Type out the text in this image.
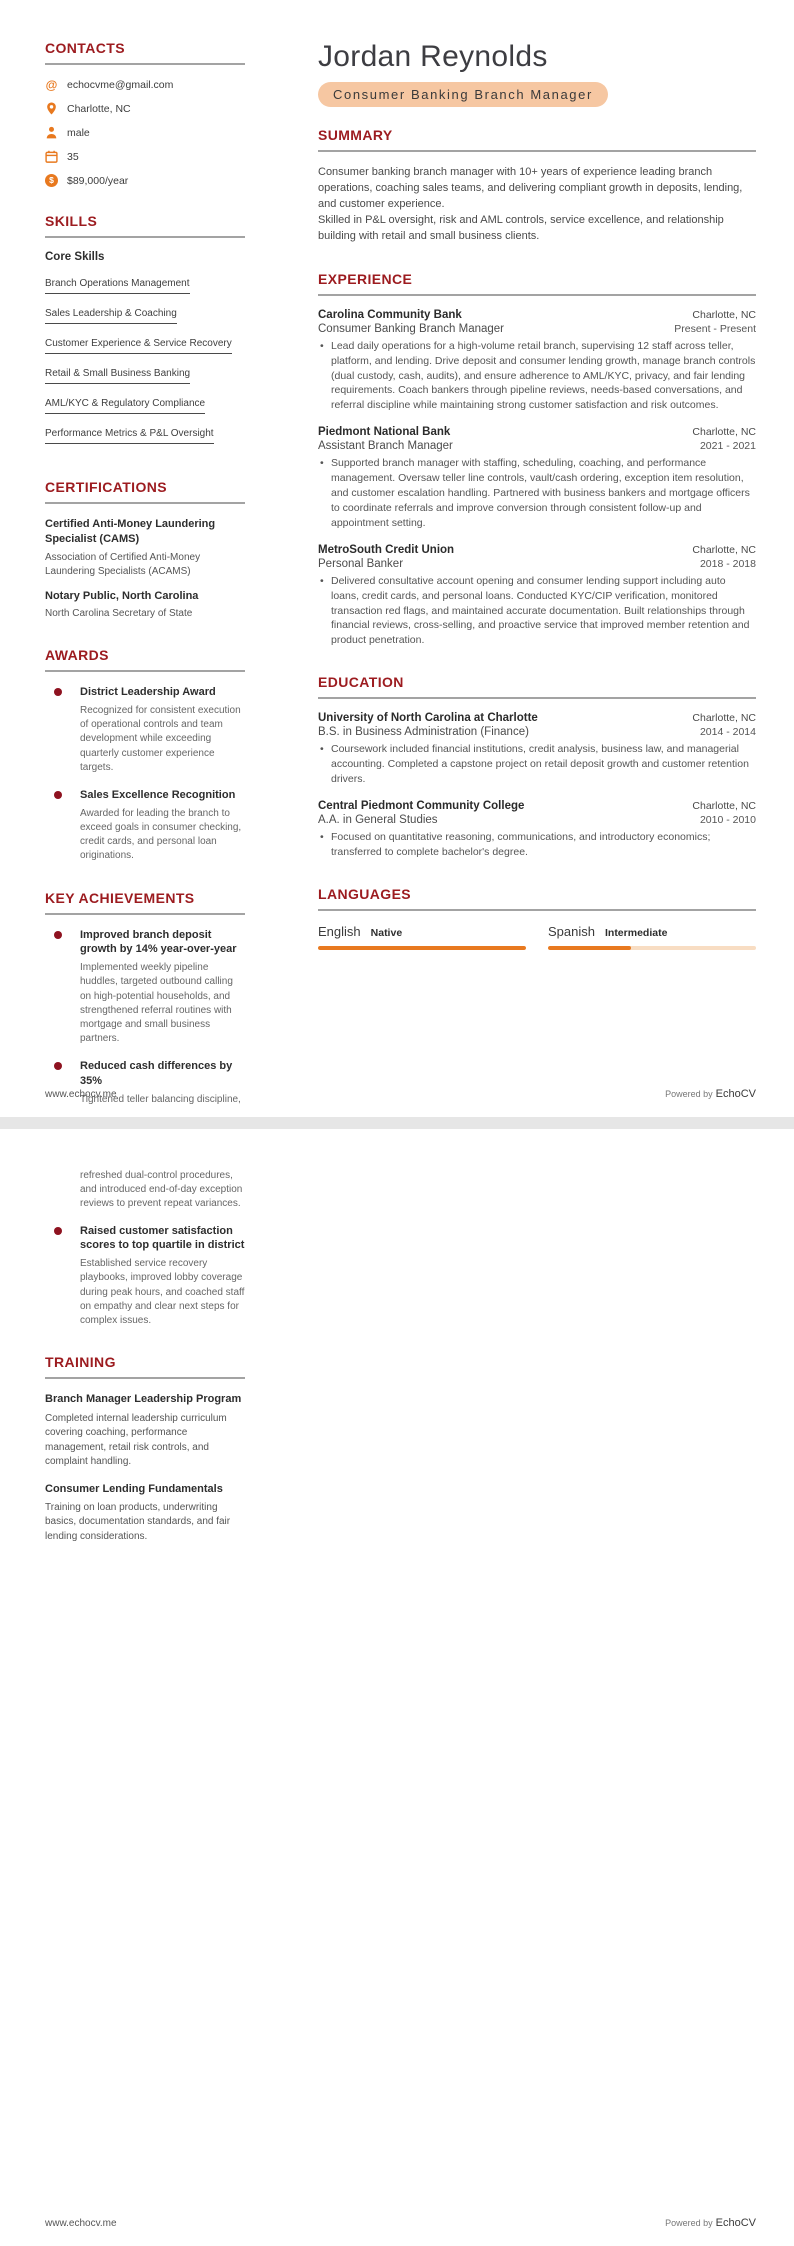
CONTACTS
@ echocvme@gmail.com
Charlotte, NC
male
35
$	$89,000/year
SKILLS
Core Skills
Branch Operations Management
Sales Leadership & Coaching
Customer Experience & Service Recovery
Retail & Small Business Banking
AML/KYC & Regulatory Compliance
Performance Metrics & P&L Oversight
CERTIFICATIONS
Certified Anti-Money Laundering Specialist (CAMS)
Association of Certified Anti-Money Laundering Specialists (ACAMS)
Notary Public, North Carolina
North Carolina Secretary of State
AWARDS
District Leadership Award
Recognized for consistent execution of operational controls and team development while exceeding quarterly customer experience targets.
Sales Excellence Recognition
Awarded for leading the branch to exceed goals in consumer checking, credit cards, and personal loan originations.
KEY ACHIEVEMENTS
Improved branch deposit growth by 14% year-over-year
Implemented weekly pipeline huddles, targeted outbound calling on high-potential households, and strengthened referral routines with mortgage and small business partners.
Reduced cash differences by 35%
Tightened teller balancing discipline,
Jordan Reynolds
Consumer Banking Branch Manager
SUMMARY

Consumer banking branch manager with 10+ years of experience leading branch operations, coaching sales teams, and delivering compliant growth in deposits, lending, and customer experience.

Skilled in P&L oversight, risk and AML controls, service excellence, and relationship building with retail and small business clients.

EXPERIENCE
Carolina Community Bank	Charlotte, NC
Consumer Banking Branch Manager	Present - Present
• Lead daily operations for a high-volume retail branch, supervising 12 staff across teller, platform, and lending. Drive deposit and consumer lending growth, manage branch controls (dual custody, cash, audits), and ensure adherence to AML/KYC, privacy, and fair lending requirements. Coach bankers through pipeline reviews, needs-based conversations, and referral discipline while maintaining strong customer satisfaction and risk outcomes.
Piedmont National Bank	Charlotte, NC
Assistant Branch Manager	2021 - 2021
• Supported branch manager with staffing, scheduling, coaching, and performance management. Oversaw teller line controls, vault/cash ordering, exception item resolution, and customer escalation handling. Partnered with business bankers and mortgage officers to coordinate referrals and improve conversion through consistent follow-up and appointment setting.
MetroSouth Credit Union	Charlotte, NC
Personal Banker	2018 - 2018
• Delivered consultative account opening and consumer lending support including auto loans, credit cards, and personal loans. Conducted KYC/CIP verification, monitored transaction red flags, and maintained accurate documentation. Built relationships through financial reviews, cross-selling, and proactive service that improved member retention and product penetration.
EDUCATION
University of North Carolina at Charlotte	Charlotte, NC
B.S. in Business Administration (Finance)	2014 - 2014
• Coursework included financial institutions, credit analysis, business law, and managerial accounting. Completed a capstone project on retail deposit growth and customer retention drivers.
Central Piedmont Community College	Charlotte, NC
A.A. in General Studies	2010 - 2010
• Focused on quantitative reasoning, communications, and introductory economics; transferred to complete bachelor's degree.
LANGUAGES
English Native	Spanish Intermediate
www.echocv.me	Powered by EchoCV
refreshed dual-control procedures, and introduced end-of-day exception reviews to prevent repeat variances.
Raised customer satisfaction scores to top quartile in district
Established service recovery playbooks, improved lobby coverage during peak hours, and coached staff on empathy and clear next steps for complex issues.
TRAINING
Branch Manager Leadership Program
Completed internal leadership curriculum covering coaching, performance management, retail risk controls, and complaint handling.
Consumer Lending Fundamentals
Training on loan products, underwriting basics, documentation standards, and fair lending considerations.
www.echocv.me	Powered by EchoCV
